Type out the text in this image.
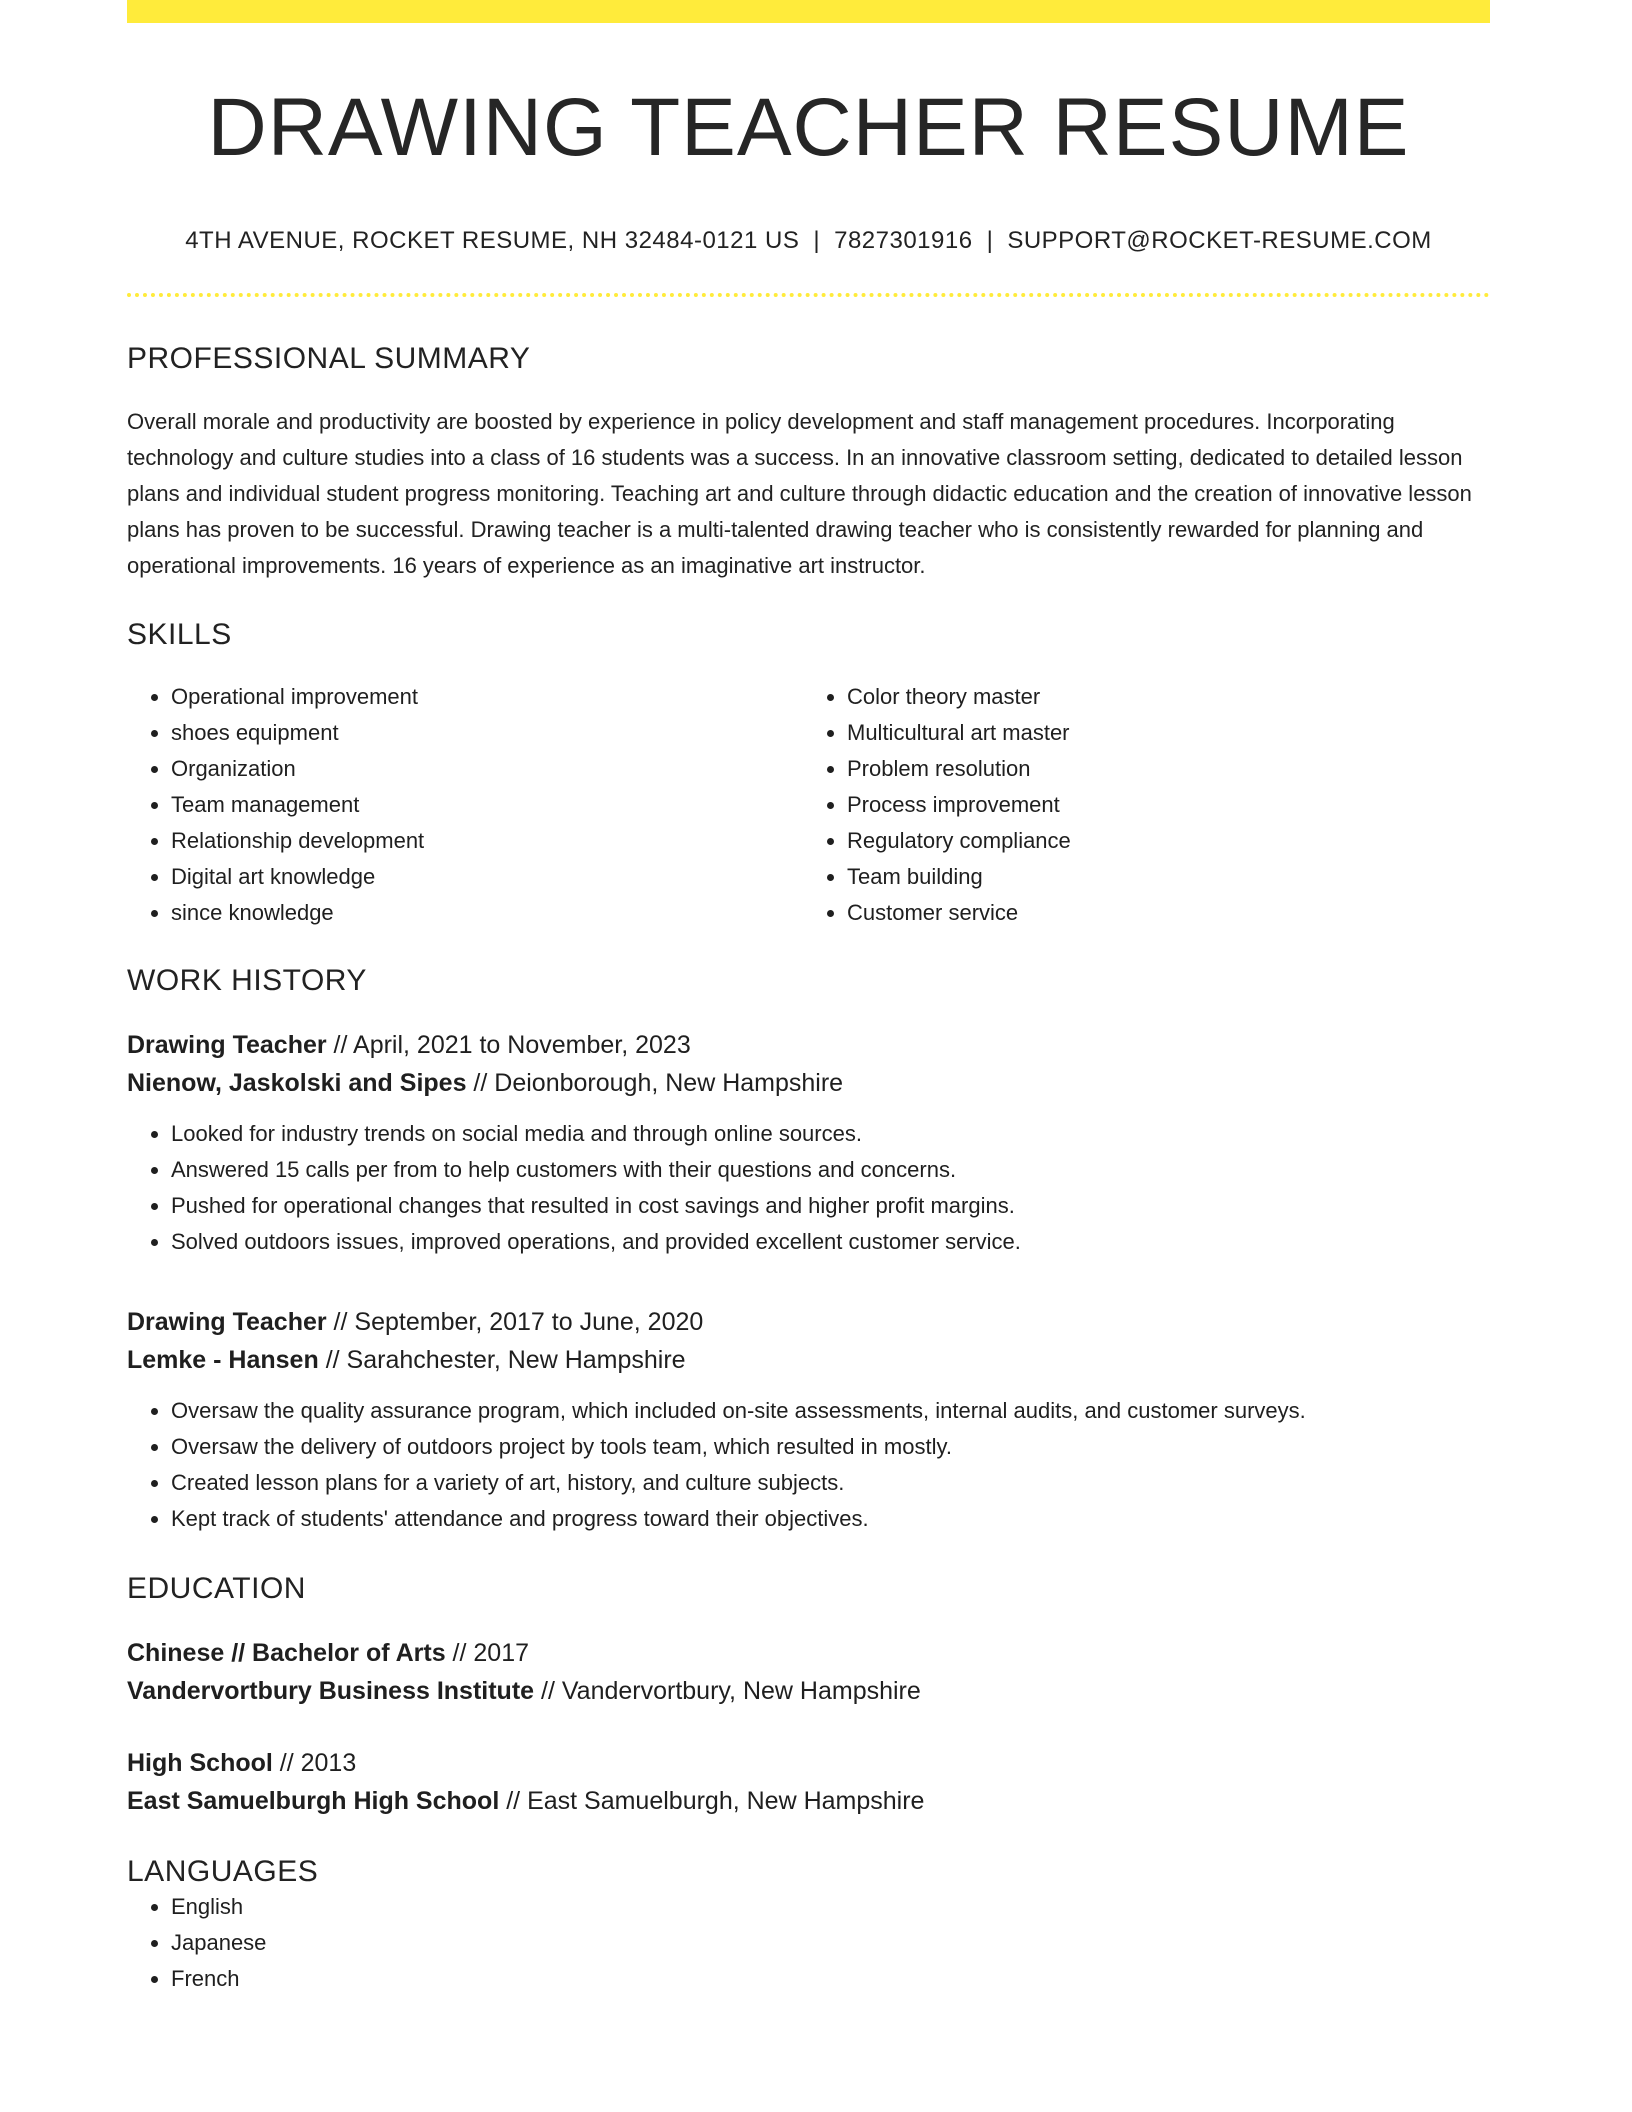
DRAWING TEACHER RESUME
4TH AVENUE, ROCKET RESUME, NH 32484-0121 US | 7827301916 | SUPPORT@ROCKET-RESUME.COM
PROFESSIONAL SUMMARY

Overall morale and productivity are boosted by experience in policy development and staff management procedures. Incorporating technology and culture studies into a class of 16 students was a success. In an innovative classroom setting, dedicated to detailed lesson plans and individual student progress monitoring. Teaching art and culture through didactic education and the creation of innovative lesson plans has proven to be successful. Drawing teacher is a multi-talented drawing teacher who is consistently rewarded for planning and operational improvements. 16 years of experience as an imaginative art instructor.

SKILLS
• Operational improvement
• shoes equipment
• Organization
• Team management
• Relationship development
• Digital art knowledge
• since knowledge
• Color theory master
• Multicultural art master
• Problem resolution
• Process improvement
• Regulatory compliance
• Team building
• Customer service
WORK HISTORY
Drawing Teacher // April, 2021 to November, 2023
Nienow, Jaskolski and Sipes // Deionborough, New Hampshire
• Looked for industry trends on social media and through online sources.
• Answered 15 calls per from to help customers with their questions and concerns.
• Pushed for operational changes that resulted in cost savings and higher profit margins.
• Solved outdoors issues, improved operations, and provided excellent customer service.
Drawing Teacher // September, 2017 to June, 2020
Lemke - Hansen // Sarahchester, New Hampshire
• Oversaw the quality assurance program, which included on-site assessments, internal audits, and customer surveys.
• Oversaw the delivery of outdoors project by tools team, which resulted in mostly.
• Created lesson plans for a variety of art, history, and culture subjects.
• Kept track of students' attendance and progress toward their objectives.
EDUCATION
Chinese // Bachelor of Arts // 2017
Vandervortbury Business Institute // Vandervortbury, New Hampshire
High School // 2013
East Samuelburgh High School // East Samuelburgh, New Hampshire
LANGUAGES
• English
• Japanese
• French
